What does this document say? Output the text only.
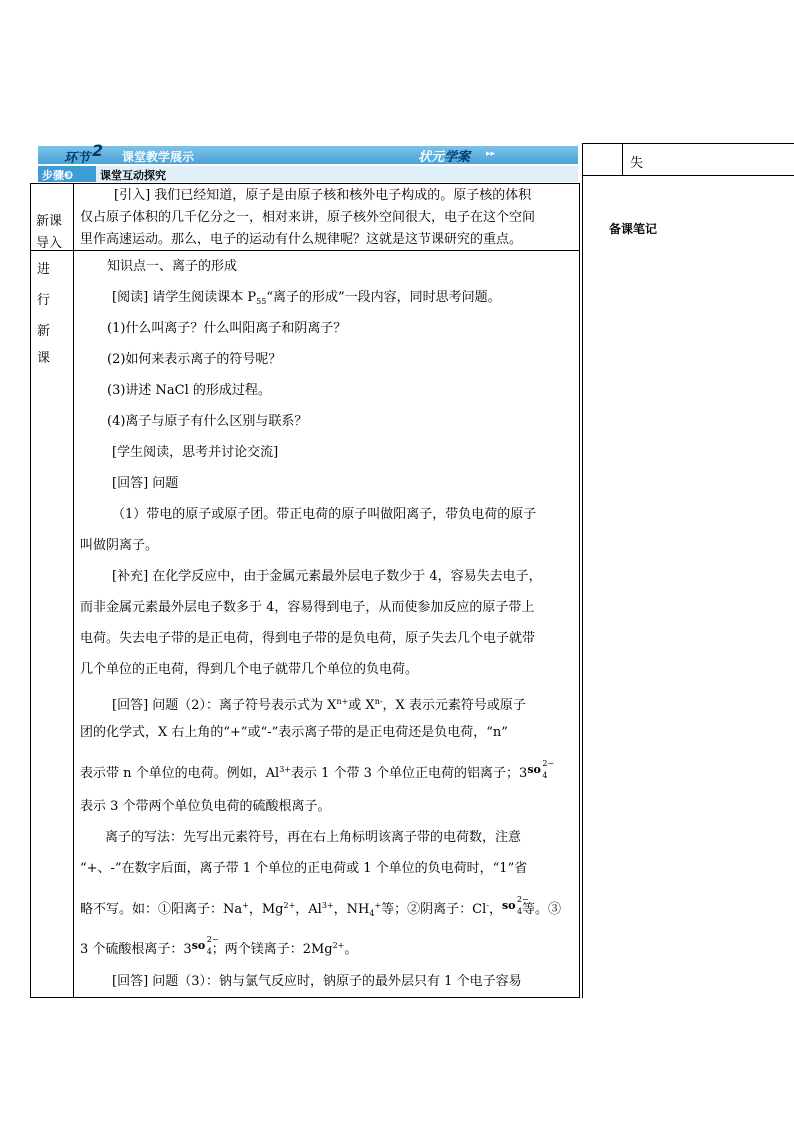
环节 2 课堂教学展示	状元学案 ▸▸
步骤❸ 课堂互动探究
失
备课笔记
新课
导入
[引入] 我们已经知道，原子是由原子核和核外电子构成的。原子核的体积
仅占原子体积的几千亿分之一，相对来讲，原子核外空间很大，电子在这个空间
里作高速运动。那么，电子的运动有什么规律呢？这就是这节课研究的重点。
进
行
新
课
知识点一、离子的形成
[阅读] 请学生阅读课本 $P_{55}“$离子的形成”一段内容，同时思考问题。
(1)什么叫离子？什么叫阳离子和阴离子？
(2)如何来表示离子的符号呢？
(3)讲述 NaCl 的形成过程。
(4)离子与原子有什么区别与联系？
[学生阅读，思考并讨论交流]
[回答] 问题
（1）带电的原子或原子团。带正电荷的原子叫做阳离子，带负电荷的原子
叫做阴离子。
[补充] 在化学反应中，由于金属元素最外层电子数少于 4，容易失去电子，
而非金属元素最外层电子数多于 4，容易得到电子，从而使参加反应的原子带上
电荷。失去电子带的是正电荷，得到电子带的是负电荷，原子失去几个电子就带
几个单位的正电荷，得到几个电子就带几个单位的负电荷。
[回答] 问题（2）：离子符号表示式为 $X^{n+}$或 $X^{n-}$，X 表示元素符号或原子
团的化学式，X 右上角的“+”或“-”表示离子带的是正电荷还是负电荷，“n”
表示带 n 个单位的电荷。例如，$Al^{3+}$表示 1 个带 3 个单位正电荷的铝离子；3 so 2−
4
表示 3 个带两个单位负电荷的硫酸根离子。
离子的写法：先写出元素符号，再在右上角标明该离子带的电荷数，注意
“+、-”在数字后面，离子带 1 个单位的正电荷或 1 个单位的负电荷时，“1”省
略不写。如：①阳离子：Na+，$Mg^{2+}$，$Al^{3+}$，$NH_4^+$等；②阴离子：Cl-， so 2−
4 等。③
3 个硫酸根离子：3 so 2−
4 ；两个镁离子：$2Mg^{2+}$。
[回答] 问题（3）：钠与氯气反应时，钠原子的最外层只有 1 个电子容易
